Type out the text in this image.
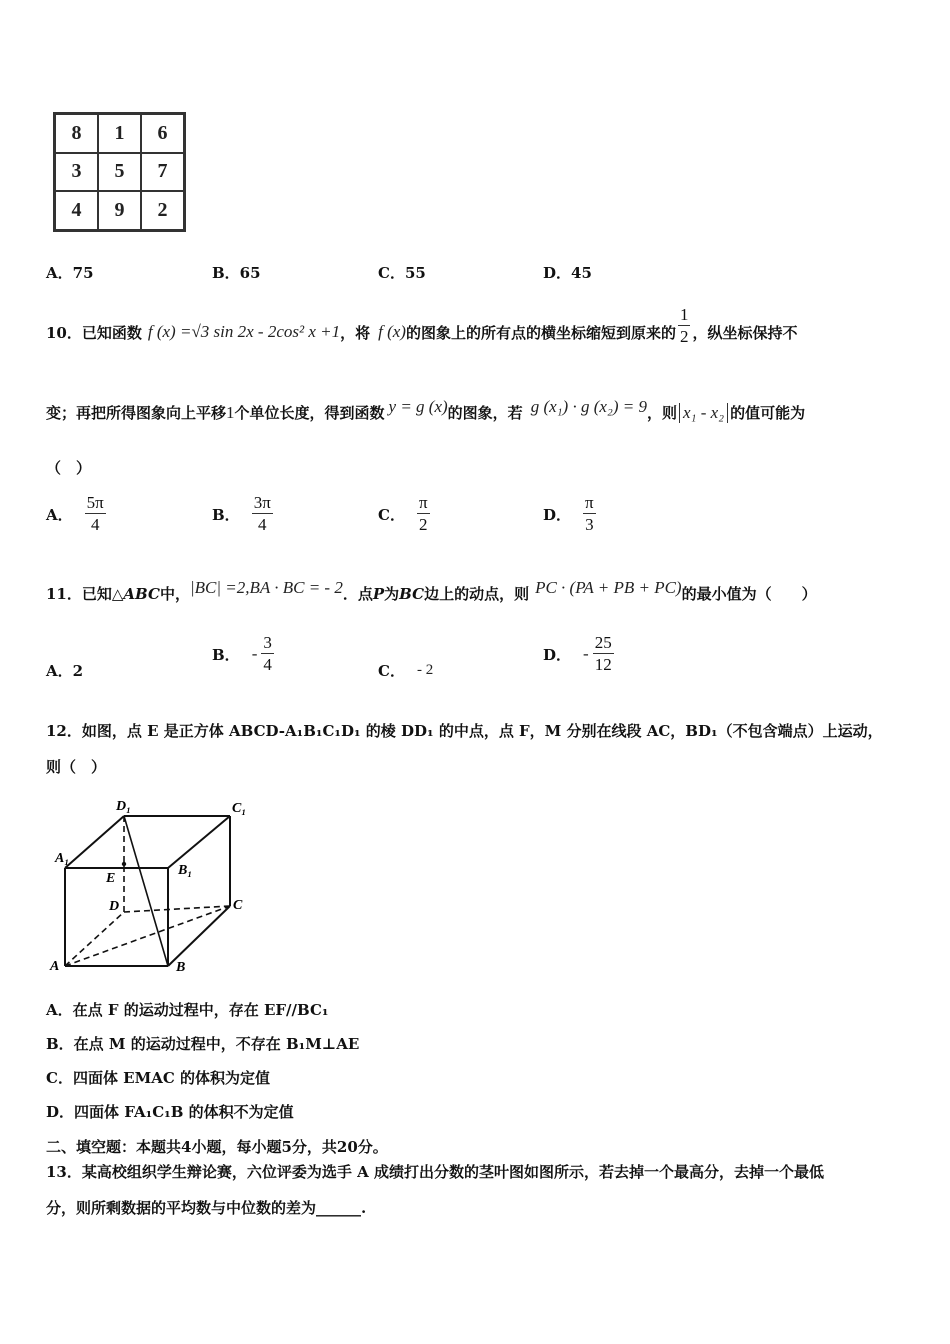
8	1	6
3	5	7
4	9	2
A．75	B．65	C．55	D．45
10．已知函数 f (x) =√3 sin 2x - 2cos² x +1 ，将 f (x) 的图象上的所有点的横坐标缩短到原来的 $\frac{1}{2}$ ，纵坐标保持不
变；再把所得图象向上平移 1 个单位长度，得到函数 y = g (x) 的图象，若 g (x₁) · g (x₂) = 9 ，则 x₁ - x₂ 的值可能为
（　）
A． $\frac{5\pi}{4}$	B． $\frac{3\pi}{4}$	C． $\frac{\pi}{2}$	D． $\frac{\pi}{3}$
11．已知△ ABC 中， |BC| =2,BA · BC = - 2 ．点 P 为 BC 边上的动点，则 PC · (PA + PB + PC) 的最小值为（　　）
A．2
B． - $\frac{3}{4}$	C． - 2
D． - $\frac{25}{12}$
12．如图，点 E 是正方体 ABCD-A₁B₁C₁D₁ 的棱 DD₁ 的中点，点 F，M 分别在线段 AC，BD₁（不包含端点）上运动，
则（　）
D₁	C₁
A₁
B₁
E
D	C
A	B
A．在点 F 的运动过程中，存在 EF//BC₁
B．在点 M 的运动过程中，不存在 B₁M⊥AE
C．四面体 EMAC 的体积为定值
D．四面体 FA₁C₁B 的体积不为定值
二、填空题：本题共4小题，每小题5分，共20分。
13．某高校组织学生辩论赛，六位评委为选手 A 成绩打出分数的茎叶图如图所示，若去掉一个最高分，去掉一个最低
分，则所剩数据的平均数与中位数的差为______.
